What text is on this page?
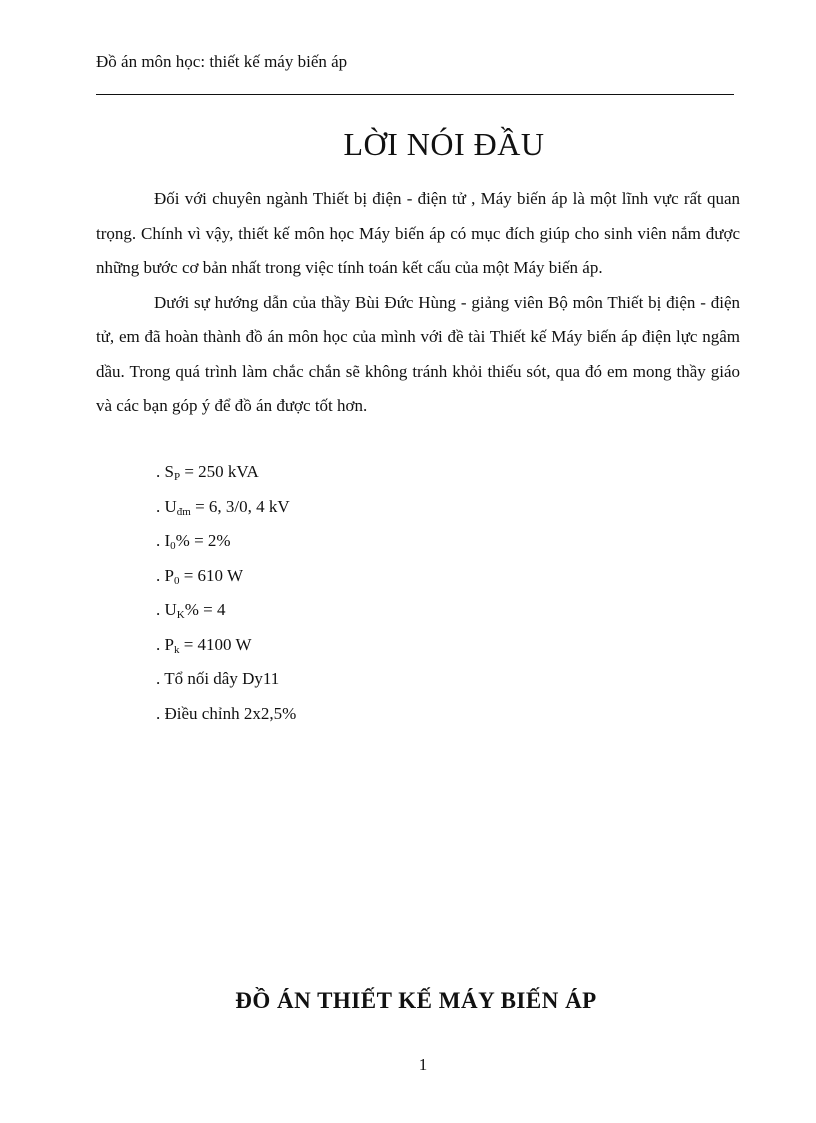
Đồ án môn học: thiết kế máy biến áp
LỜI NÓI ĐẦU

Đối với chuyên ngành Thiết bị điện - điện tử , Máy biến áp là một lĩnh vực rất quan trọng. Chính vì vậy, thiết kế môn học Máy biến áp có mục đích giúp cho sinh viên nắm được những bước cơ bản nhất trong việc tính toán kết cấu của một Máy biến áp.

Dưới sự hướng dẫn của thầy Bùi Đức Hùng - giảng viên Bộ môn Thiết bị điện - điện tử, em đã hoàn thành đồ án môn học của mình với đề tài Thiết kế Máy biến áp điện lực ngâm dầu. Trong quá trình làm chắc chắn sẽ không tránh khỏi thiếu sót, qua đó em mong thầy giáo và các bạn góp ý để đồ án được tốt hơn.

. $S_P = 250$ kVA
. $U_{đm} = 6$, 3/0, 4 kV
. $I_0\% = 2\%$
. $P_0 = 610$ W
. $U_K\% = 4$
. $P_k = 4100$ W
. Tổ nối dây Dy11
. Điều chỉnh 2x2,5%
ĐỒ ÁN THIẾT KẾ MÁY BIẾN ÁP
1
